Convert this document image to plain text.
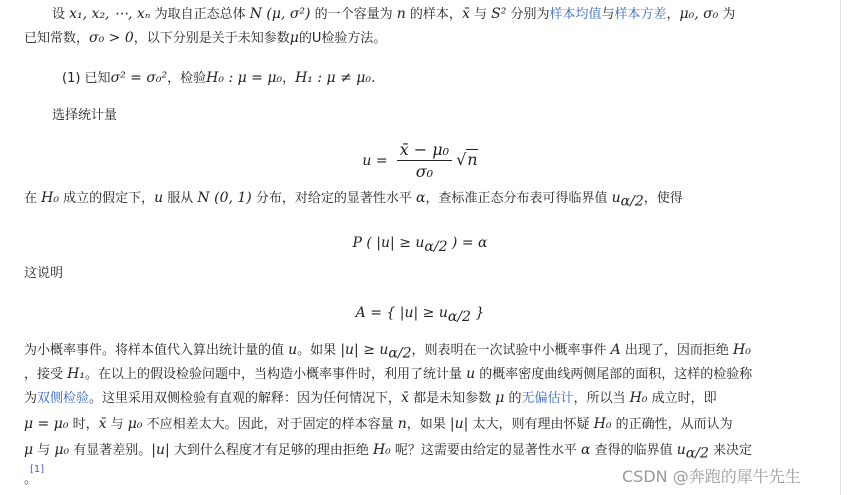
设 x₁, x₂, ⋯, xₙ 为取自正态总体 N (μ, σ²) 的一个容量为 n 的样本，x̄ 与 S² 分别为样本均值与样本方差，μ₀, σ₀ 为
已知常数，σ₀ > 0，以下分别是关于未知参数μ的U检验方法。
(1) 已知σ² = σ₀²，检验H₀ : μ = μ₀，H₁ : μ ≠ μ₀.
选择统计量
$u = \frac{\text{x̄ − μ₀}}{\text{σ₀}} √n$
在 H₀ 成立的假定下，u 服从 N (0, 1) 分布，对给定的显著性水平 α，查标准正态分布表可得临界值 $u_{\alpha/2}$，使得
P ( $|u| \ge u_{\alpha/2}$ ) = α
这说明
A = { $|u| \ge u_{\alpha/2}$ }
为小概率事件。将样本值代入算出统计量的值 u。如果 $|u| \ge u_{\alpha/2}$，则表明在一次试验中小概率事件 A 出现了，因而拒绝 H₀
，接受 H₁。在以上的假设检验问题中，当构造小概率事件时，利用了统计量 u 的概率密度曲线两侧尾部的面积，这样的检验称
为双侧检验。这里采用双侧检验有直观的解释：因为任何情况下，x̄ 都是未知参数 μ 的无偏估计，所以当 H₀ 成立时，即
μ = μ₀ 时，x̄ 与 μ₀ 不应相差太大。因此，对于固定的样本容量 n，如果 |u| 太大，则有理由怀疑 H₀ 的正确性，从而认为
μ 与 μ₀ 有显著差别。|u| 大到什么程度才有足够的理由拒绝 H₀ 呢？这需要由给定的显著性水平 α 查得的临界值 $u_{\alpha/2}$ 来决定
[1]
。	CSDN @奔跑的犀牛先生
